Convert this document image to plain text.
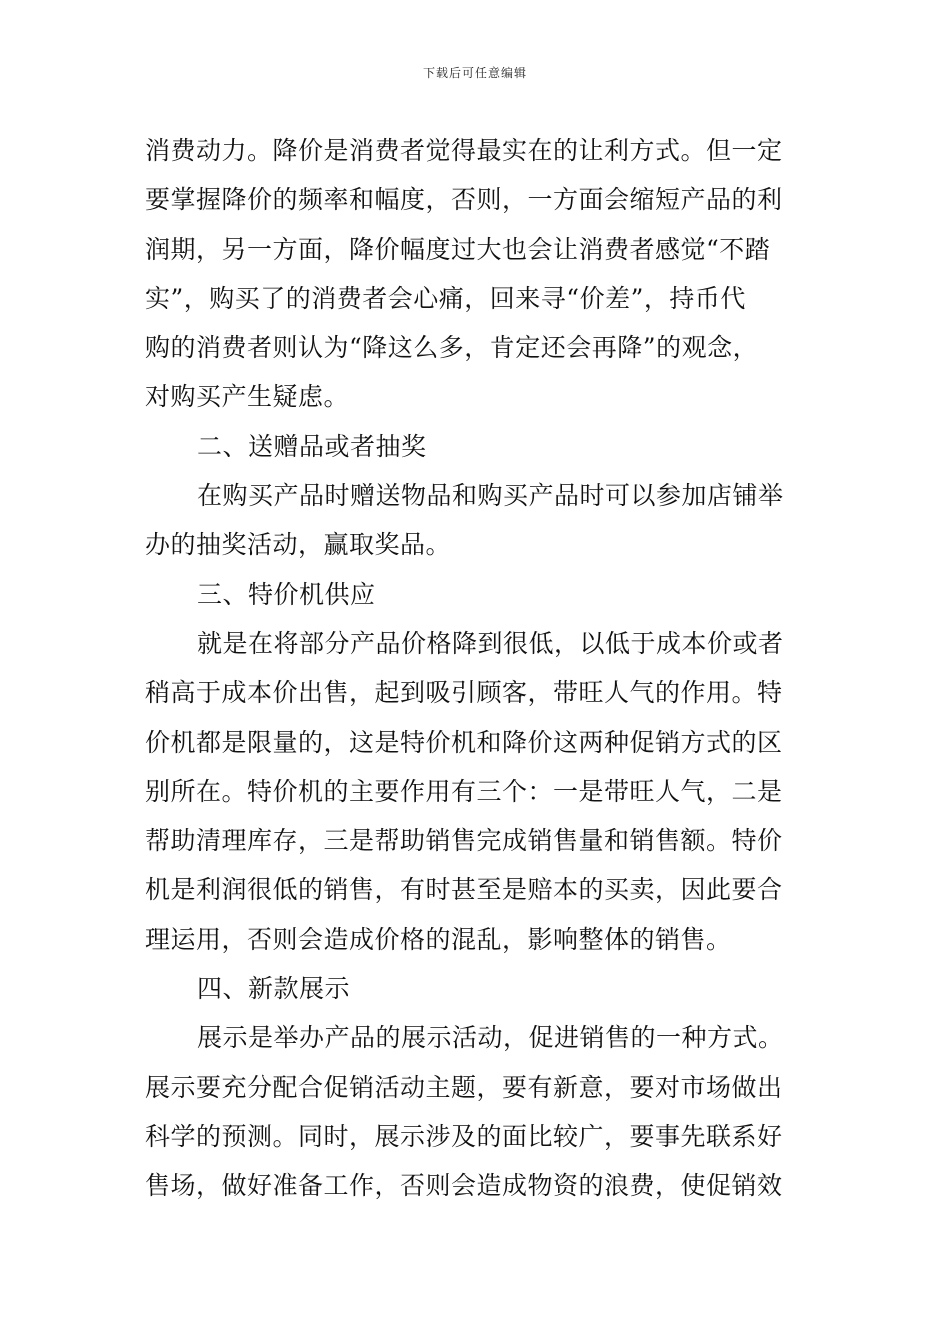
下载后可任意编辑
消费动力。降价是消费者觉得最实在的让利方式。但一定
要掌握降价的频率和幅度，否则，一方面会缩短产品的利
润期，另一方面，降价幅度过大也会让消费者感觉“不踏
实”，购买了的消费者会心痛，回来寻“价差”，持币代
购的消费者则认为“降这么多，肯定还会再降”的观念，
对购买产生疑虑。
二、送赠品或者抽奖
在购买产品时赠送物品和购买产品时可以参加店铺举
办的抽奖活动，赢取奖品。
三、特价机供应
就是在将部分产品价格降到很低，以低于成本价或者
稍高于成本价出售，起到吸引顾客，带旺人气的作用。特
价机都是限量的，这是特价机和降价这两种促销方式的区
别所在。特价机的主要作用有三个：一是带旺人气，二是
帮助清理库存，三是帮助销售完成销售量和销售额。特价
机是利润很低的销售，有时甚至是赔本的买卖，因此要合
理运用，否则会造成价格的混乱，影响整体的销售。
四、新款展示
展示是举办产品的展示活动，促进销售的一种方式。
展示要充分配合促销活动主题，要有新意，要对市场做出
科学的预测。同时，展示涉及的面比较广，要事先联系好
售场，做好准备工作，否则会造成物资的浪费，使促销效
